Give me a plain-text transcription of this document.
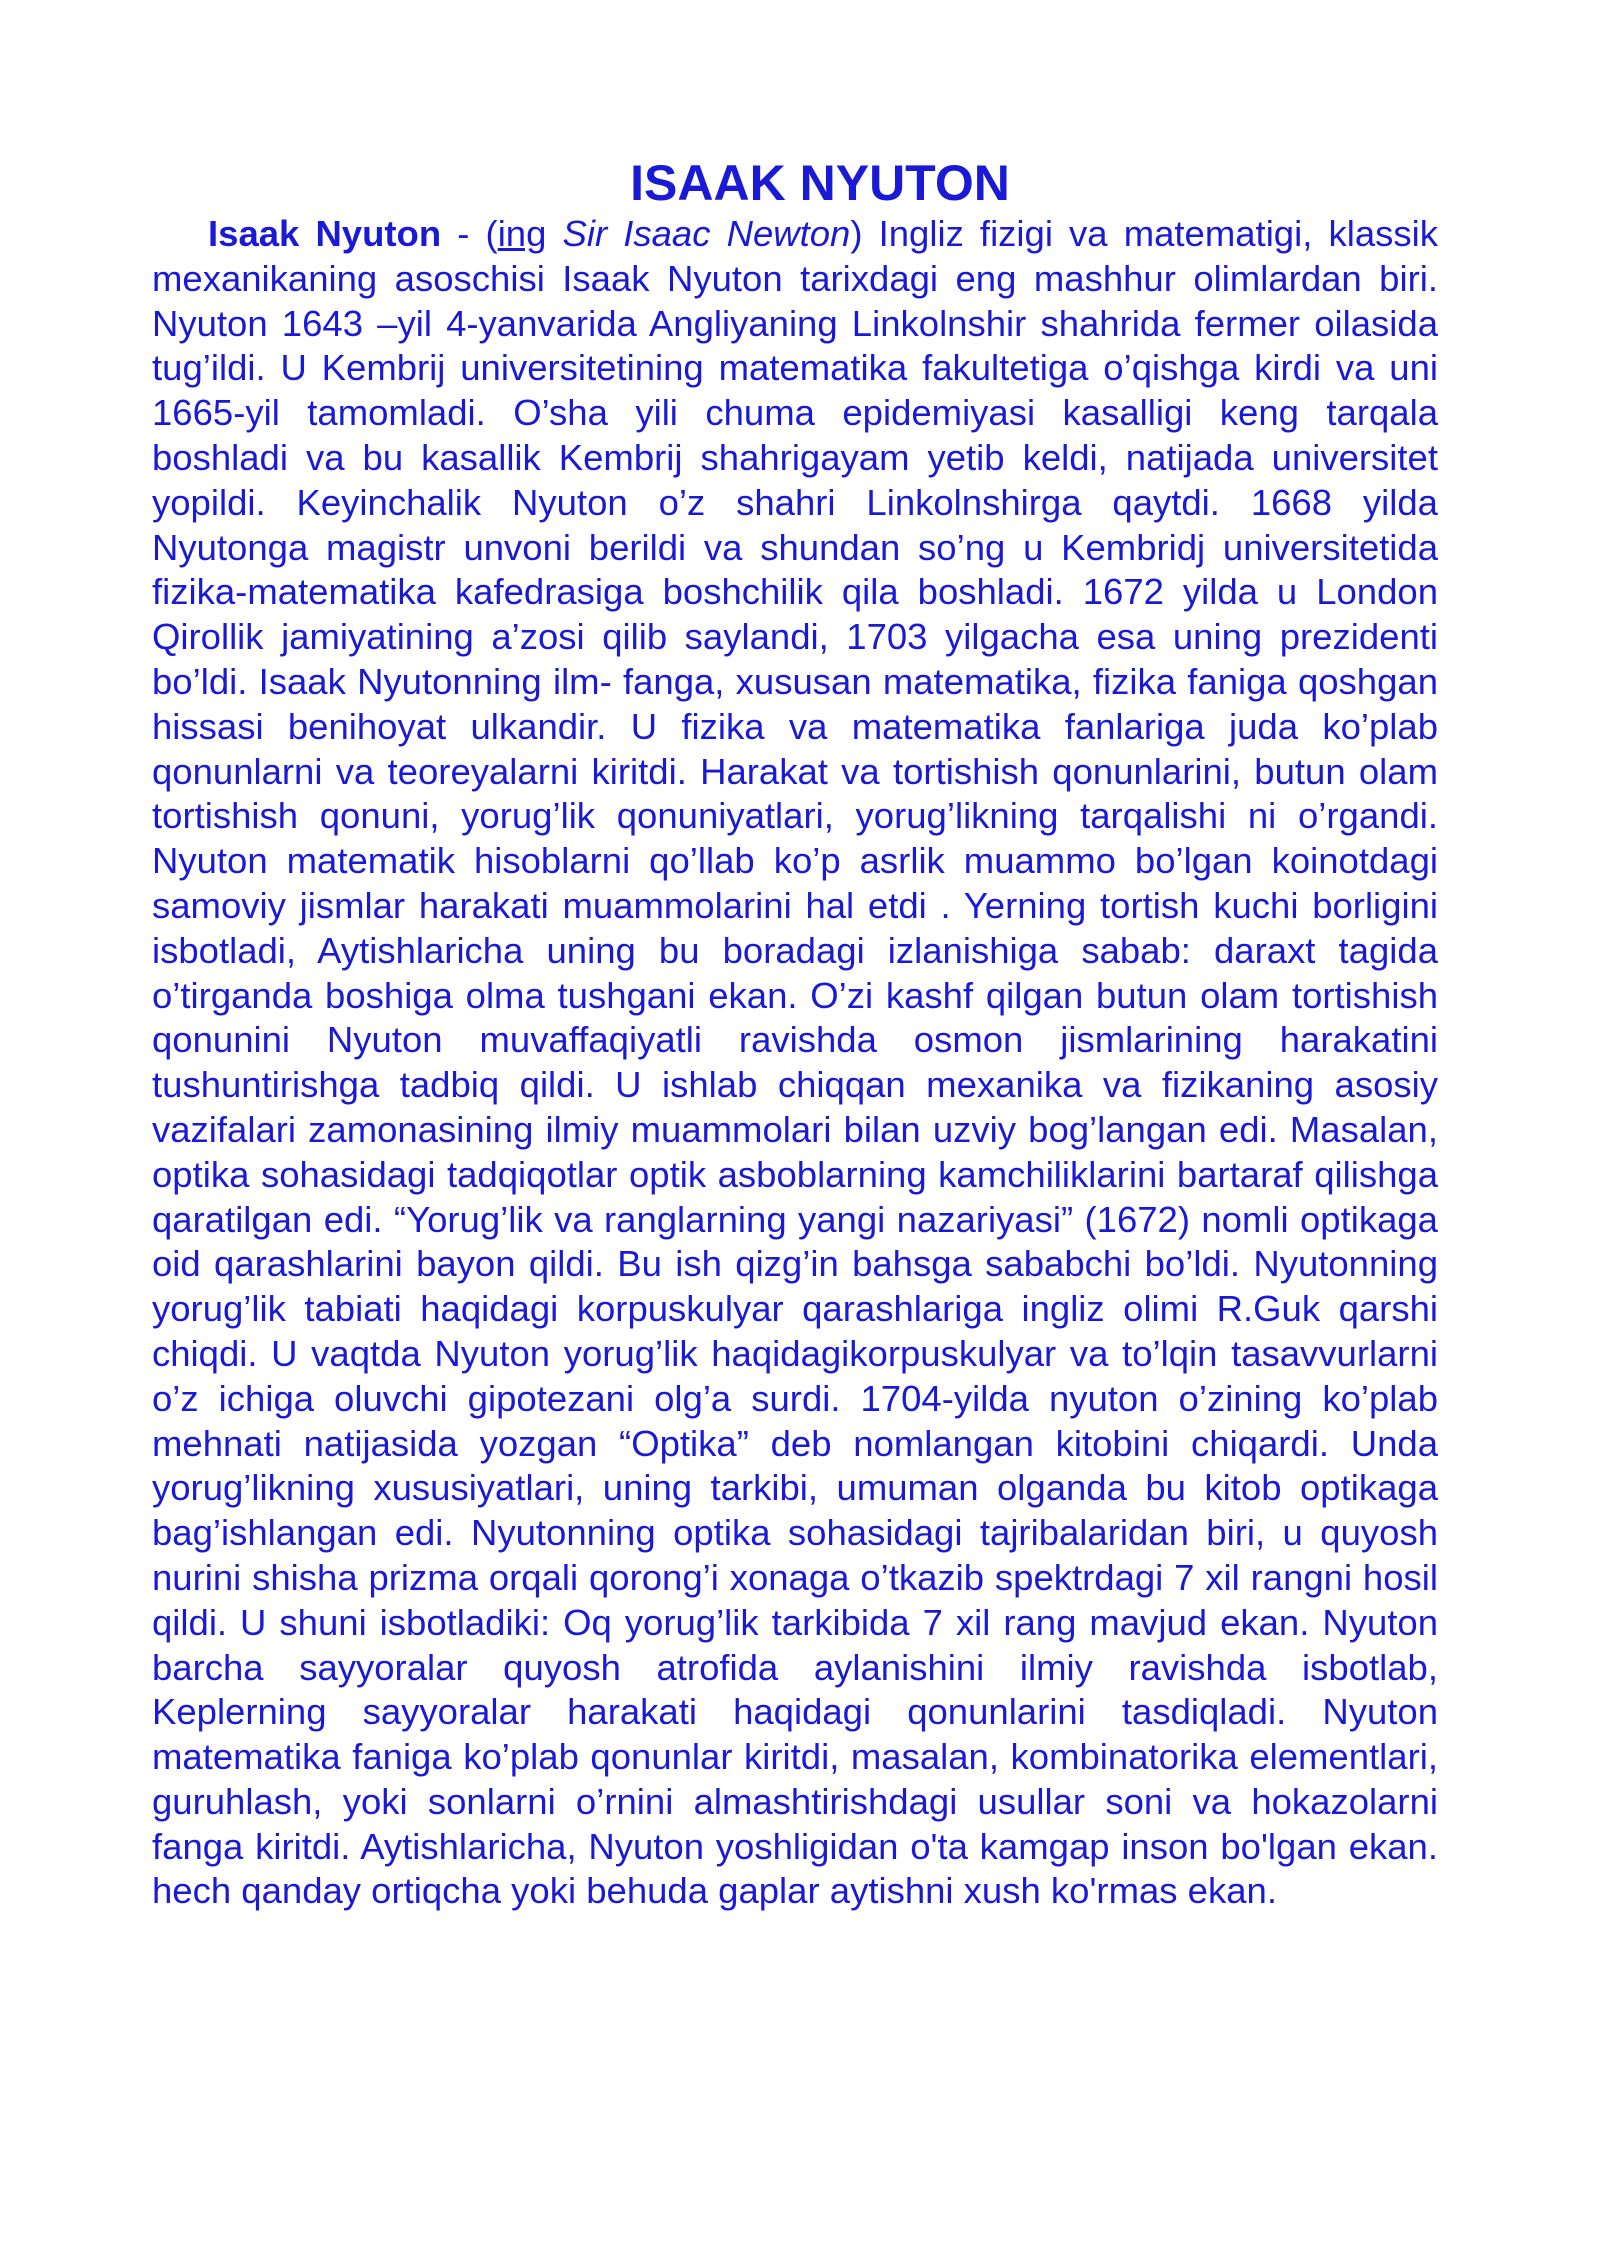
ISAAK NYUTON

Isaak Nyuton - (ing Sir Isaac Newton) Ingliz fizigi va matematigi, klassik mexanikaning asoschisi Isaak Nyuton tarixdagi eng mashhur olimlardan biri. Nyuton 1643 –yil 4-yanvarida Angliyaning Linkolnshir shahrida fermer oilasida tug’ildi. U Kembrij universitetining matematika fakultetiga o’qishga kirdi va uni 1665-yil tamomladi. O’sha yili chuma epidemiyasi kasalligi keng tarqala boshladi va bu kasallik Kembrij shahrigayam yetib keldi, natijada universitet yopildi. Keyinchalik Nyuton o’z shahri Linkolnshirga qaytdi. 1668 yilda Nyutonga magistr unvoni berildi va shundan so’ng u Kembridj universitetida fizika-matematika kafedrasiga boshchilik qila boshladi. 1672 yilda u London Qirollik jamiyatining a’zosi qilib saylandi, 1703 yilgacha esa uning prezidenti bo’ldi. Isaak Nyutonning ilm- fanga, xususan matematika, fizika faniga qoshgan hissasi benihoyat ulkandir. U fizika va matematika fanlariga juda ko’plab qonunlarni va teoreyalarni kiritdi. Harakat va tortishish qonunlarini, butun olam tortishish qonuni, yorug’lik qonuniyatlari, yorug’likning tarqalishi ni o’rgandi. Nyuton matematik hisoblarni qo’llab ko’p asrlik muammo bo’lgan koinotdagi samoviy jismlar harakati muammolarini hal etdi . Yerning tortish kuchi borligini isbotladi, Aytishlaricha uning bu boradagi izlanishiga sabab: daraxt tagida o’tirganda boshiga olma tushgani ekan. O’zi kashf qilgan butun olam tortishish qonunini Nyuton muvaffaqiyatli ravishda osmon jismlarining harakatini tushuntirishga tadbiq qildi. U ishlab chiqqan mexanika va fizikaning asosiy vazifalari zamonasining ilmiy muammolari bilan uzviy bog’langan edi. Masalan, optika sohasidagi tadqiqotlar optik asboblarning kamchiliklarini bartaraf qilishga qaratilgan edi. “Yorug’lik va ranglarning yangi nazariyasi” (1672) nomli optikaga oid qarashlarini bayon qildi. Bu ish qizg’in bahsga sababchi bo’ldi. Nyutonning yorug’lik tabiati haqidagi korpuskulyar qarashlariga ingliz olimi R.Guk qarshi chiqdi. U vaqtda Nyuton yorug’lik haqidagikorpuskulyar va to’lqin tasavvurlarni o’z ichiga oluvchi gipotezani olg’a surdi. 1704-yilda nyuton o’zining ko’plab mehnati natijasida yozgan “Optika” deb nomlangan kitobini chiqardi. Unda yorug’likning xususiyatlari, uning tarkibi, umuman olganda bu kitob optikaga bag’ishlangan edi. Nyutonning optika sohasidagi tajribalaridan biri, u quyosh nurini shisha prizma orqali qorong’i xonaga o’tkazib spektrdagi 7 xil rangni hosil qildi. U shuni isbotladiki: Oq yorug’lik tarkibida 7 xil rang mavjud ekan. Nyuton barcha sayyoralar quyosh atrofida aylanishini ilmiy ravishda isbotlab, Keplerning sayyoralar harakati haqidagi qonunlarini tasdiqladi. Nyuton matematika faniga ko’plab qonunlar kiritdi, masalan, kombinatorika elementlari, guruhlash, yoki sonlarni o’rnini almashtirishdagi usullar soni va hokazolarni fanga kiritdi. Aytishlaricha, Nyuton yoshligidan o'ta kamgap inson bo'lgan ekan. hech qanday ortiqcha yoki behuda gaplar aytishni xush ko'rmas ekan.
